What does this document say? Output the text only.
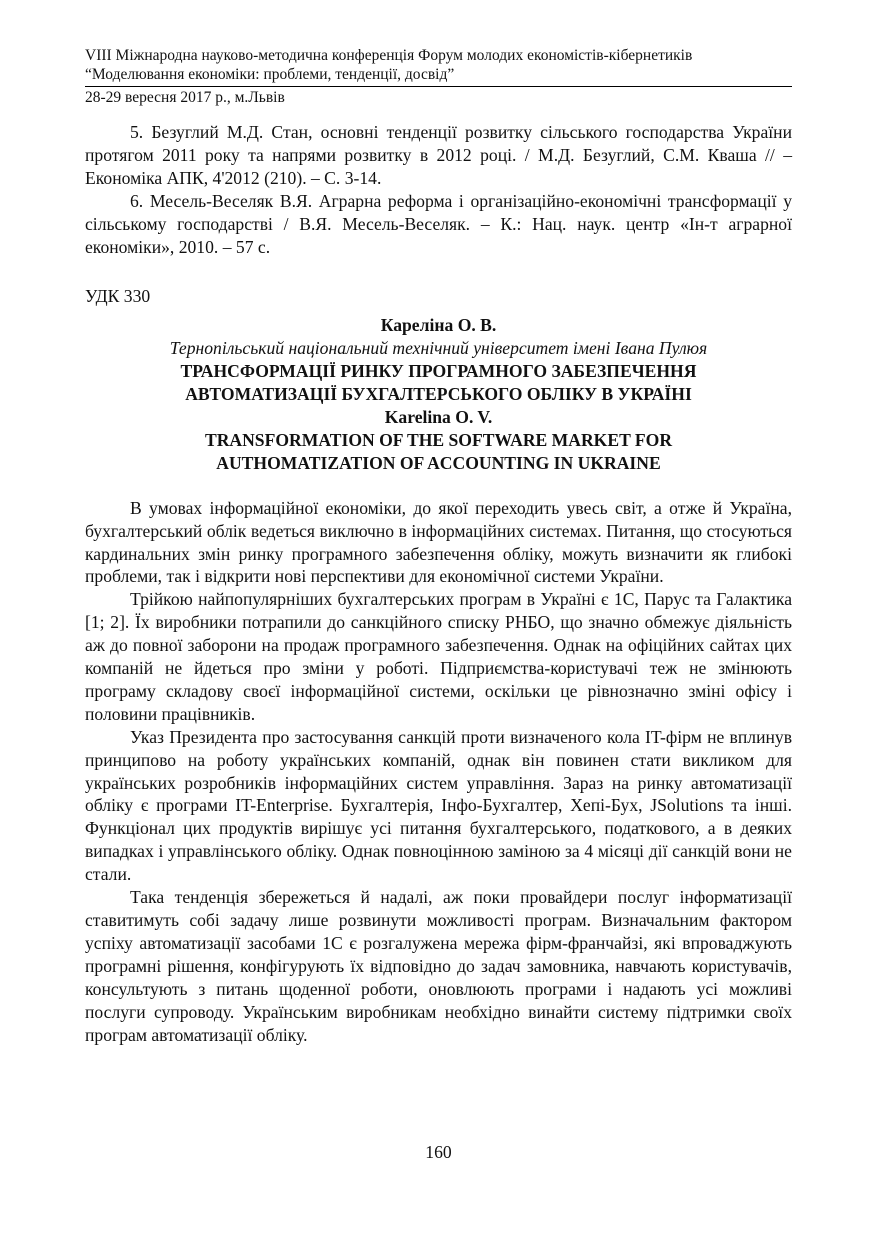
VIII Міжнародна науково-методична конференція Форум молодих економістів-кібернетиків
“Моделювання економіки: проблеми, тенденції, досвід”
28-29 вересня 2017 р., м.Львів

5. Безуглий М.Д. Стан, основні тенденції розвитку сільського господарства України протягом 2011 року та напрями розвитку в 2012 році. / М.Д. Безуглий, С.М. Кваша // – Економіка АПК, 4'2012 (210). – С. 3-14.

6. Месель-Веселяк В.Я. Аграрна реформа і організаційно-економічні трансформації у сільському господарстві / В.Я. Месель-Веселяк. – К.: Нац. наук. центр «Ін-т аграрної економіки», 2010. – 57 с.

УДК 330
Кареліна О. В.
Тернопільський національний технічний університет імені Івана Пулюя
ТРАНСФОРМАЦІЇ РИНКУ ПРОГРАМНОГО ЗАБЕЗПЕЧЕННЯ
АВТОМАТИЗАЦІЇ БУХГАЛТЕРСЬКОГО ОБЛІКУ В УКРАЇНІ
Karelina O. V.
TRANSFORMATION OF THE SOFTWARE MARKET FOR
AUTHOMATIZATION OF ACCOUNTING IN UKRAINE

В умовах інформаційної економіки, до якої переходить увесь світ, а отже й Україна, бухгалтерський облік ведеться виключно в інформаційних системах. Питання, що стосуються кардинальних змін ринку програмного забезпечення обліку, можуть визначити як глибокі проблеми, так і відкрити нові перспективи для економічної системи України.

Трійкою найпопулярніших бухгалтерських програм в Україні є 1С, Парус та Галактика [1; 2]. Їх виробники потрапили до санкційного списку РНБО, що значно обмежує діяльність аж до повної заборони на продаж програмного забезпечення. Однак на офіційних сайтах цих компаній не йдеться про зміни у роботі. Підприємства-користувачі теж не змінюють програму складову своєї інформаційної системи, оскільки це рівнозначно зміні офісу і половини працівників.

Указ Президента про застосування санкцій проти визначеного кола IT-фірм не вплинув принципово на роботу українських компаній, однак він повинен стати викликом для українських розробників інформаційних систем управління. Зараз на ринку автоматизації обліку є програми IT-Enterprise. Бухгалтерія, Інфо-Бухгалтер, Хепі-Бух, JSolutions та інші. Функціонал цих продуктів вирішує усі питання бухгалтерського, податкового, а в деяких випадках і управлінського обліку. Однак повноцінною заміною за 4 місяці дії санкцій вони не стали.

Така тенденція збережеться й надалі, аж поки провайдери послуг інформатизації ставитимуть собі задачу лише розвинути можливості програм. Визначальним фактором успіху автоматизації засобами 1С є розгалужена мережа фірм-франчайзі, які впроваджують програмні рішення, конфігурують їх відповідно до задач замовника, навчають користувачів, консультують з питань щоденної роботи, оновлюють програми і надають усі можливі послуги супроводу. Українським виробникам необхідно винайти систему підтримки своїх програм автоматизації обліку.

160
